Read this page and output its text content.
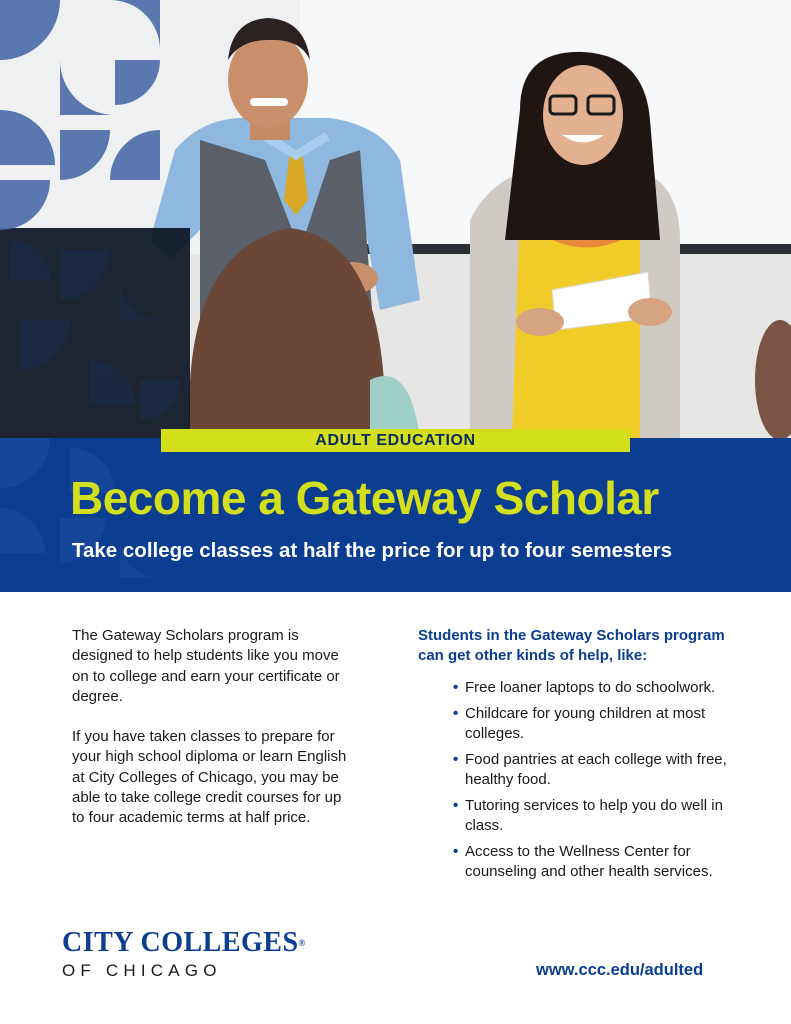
ADULT EDUCATION
Become a Gateway Scholar
Take college classes at half the price for up to four semesters

The Gateway Scholars program is designed to help students like you move on to college and earn your certificate or degree.

If you have taken classes to prepare for your high school diploma or learn English at City Colleges of Chicago, you may be able to take college credit courses for up to four academic terms at half price.

Students in the Gateway Scholars program can get other kinds of help, like:
• Free loaner laptops to do schoolwork.
• Childcare for young children at most colleges.
• Food pantries at each college with free, healthy food.
• Tutoring services to help you do well in class.
• Access to the Wellness Center for counseling and other health services.
CITY COLLEGES®
OF CHICAGO	www.ccc.edu/adulted
